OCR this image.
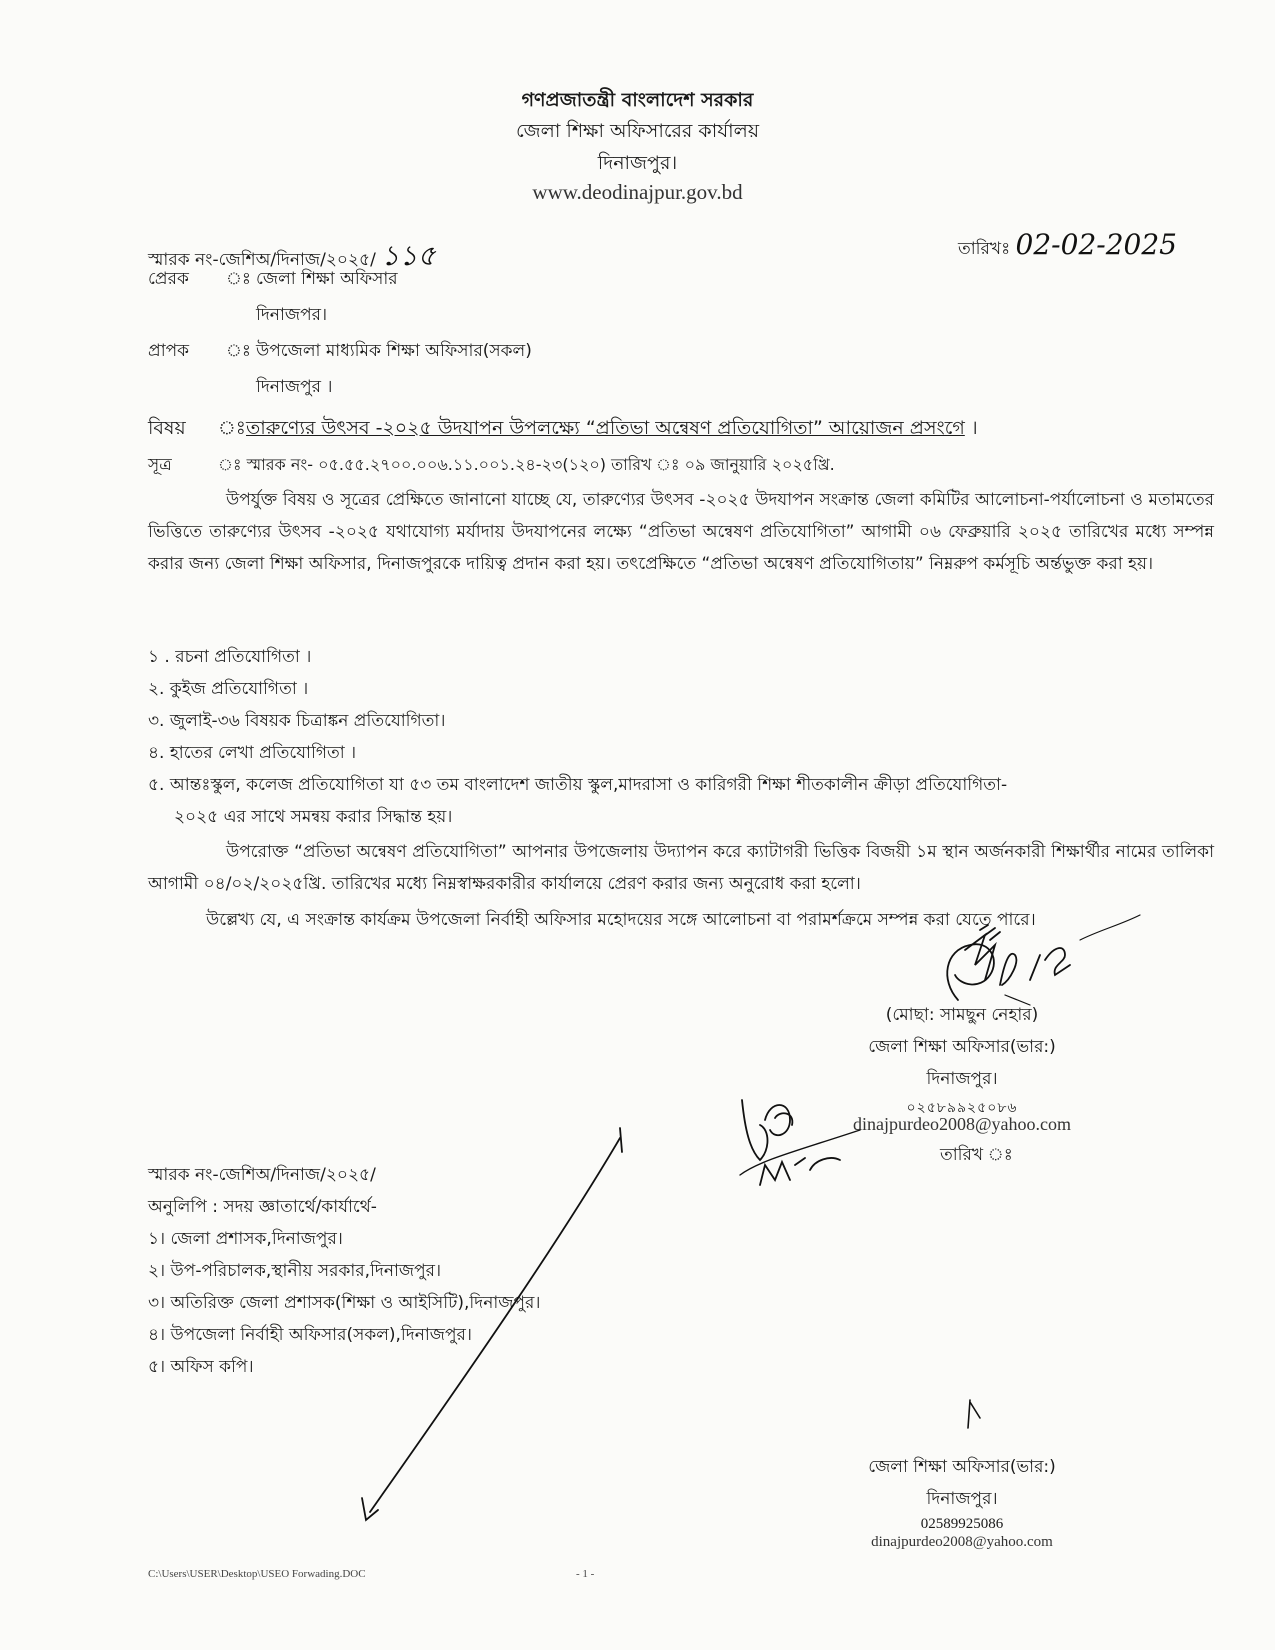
গণপ্রজাতন্ত্রী বাংলাদেশ সরকার
জেলা শিক্ষা অফিসারের কার্যালয়
দিনাজপুর।
www.deodinajpur.gov.bd
স্মারক নং-জেশিঅ/দিনাজ/২০২৫/ ১১৫	তারিখঃ 02-02-2025
প্রেরক ঃ জেলা শিক্ষা অফিসার
দিনাজপর।
প্রাপক ঃ উপজেলা মাধ্যমিক শিক্ষা অফিসার(সকল)
দিনাজপুর ।
বিষয় ঃ তারুণ্যের উৎসব -২০২৫ উদযাপন উপলক্ষ্যে “প্রতিভা অন্বেষণ প্রতিযোগিতা” আয়োজন প্রসংগে ।
সূত্র	ঃ স্মারক নং- ০৫.৫৫.২৭০০.০০৬.১১.০০১.২৪-২৩(১২০) তারিখ ঃ ০৯ জানুয়ারি ২০২৫খ্রি.
উপর্যুক্ত বিষয় ও সূত্রের প্রেক্ষিতে জানানো যাচ্ছে যে, তারুণ্যের উৎসব -২০২৫ উদযাপন সংক্রান্ত জেলা কমিটির আলোচনা-পর্যালোচনা ও মতামতের ভিত্তিতে তারুণ্যের উৎসব -২০২৫ যথাযোগ্য মর্যাদায় উদযাপনের লক্ষ্যে “প্রতিভা অন্বেষণ প্রতিযোগিতা” আগামী ০৬ ফেব্রুয়ারি ২০২৫ তারিখের মধ্যে সম্পন্ন করার জন্য জেলা শিক্ষা অফিসার, দিনাজপুরকে দায়িত্ব প্রদান করা হয়। তৎপ্রেক্ষিতে “প্রতিভা অন্বেষণ প্রতিযোগিতায়” নিম্নরুপ কর্মসূচি অর্ন্তভুক্ত করা হয়।
১ . রচনা প্রতিযোগিতা ।
২. কুইজ প্রতিযোগিতা ।
৩. জুলাই-৩৬ বিষয়ক চিত্রাঙ্কন প্রতিযোগিতা।
৪. হাতের লেখা প্রতিযোগিতা ।
৫. আন্তঃস্কুল, কলেজ প্রতিযোগিতা যা ৫৩ তম বাংলাদেশ জাতীয় স্কুল,মাদরাসা ও কারিগরী শিক্ষা শীতকালীন ক্রীড়া প্রতিযোগিতা-
২০২৫ এর সাথে সমন্বয় করার সিদ্ধান্ত হয়।
উপরোক্ত “প্রতিভা অন্বেষণ প্রতিযোগিতা” আপনার উপজেলায় উদ্যাপন করে ক্যাটাগরী ভিত্তিক বিজয়ী ১ম স্থান অর্জনকারী শিক্ষার্থীর নামের তালিকা আগামী ০৪/০২/২০২৫খ্রি. তারিখের মধ্যে নিম্নস্বাক্ষরকারীর কার্যালয়ে প্রেরণ করার জন্য অনুরোধ করা হলো।
উল্লেখ্য যে, এ সংক্রান্ত কার্যক্রম উপজেলা নির্বাহী অফিসার মহোদয়ের সঙ্গে আলোচনা বা পরামর্শক্রমে সম্পন্ন করা যেতে পারে।
(মোছা: সামছুন নেহার)
জেলা শিক্ষা অফিসার(ভার:)
দিনাজপুর।
০২৫৮৯৯২৫০৮৬
dinajpurdeo2008@yahoo.com
তারিখ ঃ
স্মারক নং-জেশিঅ/দিনাজ/২০২৫/
অনুলিপি : সদয় জ্ঞাতার্থে/কার্যার্থে-
১। জেলা প্রশাসক,দিনাজপুর।
২। উপ-পরিচালক,স্থানীয় সরকার,দিনাজপুর।
৩। অতিরিক্ত জেলা প্রশাসক(শিক্ষা ও আইসিটি),দিনাজপুর।
৪। উপজেলা নির্বাহী অফিসার(সকল),দিনাজপুর।
৫। অফিস কপি।
জেলা শিক্ষা অফিসার(ভার:)
দিনাজপুর।
02589925086
dinajpurdeo2008@yahoo.com
C:\Users\USER\Desktop\USEO Forwading.DOC	- 1 -
